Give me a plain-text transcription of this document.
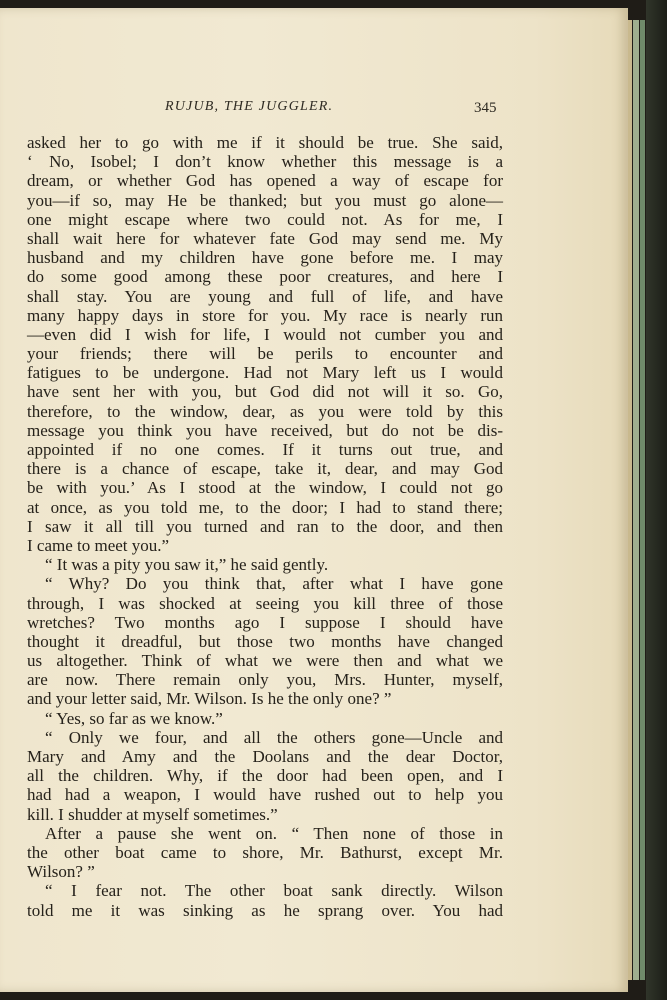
RUJUB, THE JUGGLER.	345
asked her to go with me if it should be true. She said,
‘ No, Isobel; I don’t know whether this message is a
dream, or whether God has opened a way of escape for
you—if so, may He be thanked; but you must go alone—
one might escape where two could not. As for me, I
shall wait here for whatever fate God may send me. My
husband and my children have gone before me. I may
do some good among these poor creatures, and here I
shall stay. You are young and full of life, and have
many happy days in store for you. My race is nearly run
—even did I wish for life, I would not cumber you and
your friends; there will be perils to encounter and
fatigues to be undergone. Had not Mary left us I would
have sent her with you, but God did not will it so. Go,
therefore, to the window, dear, as you were told by this
message you think you have received, but do not be dis-
appointed if no one comes. If it turns out true, and
there is a chance of escape, take it, dear, and may God
be with you.’ As I stood at the window, I could not go
at once, as you told me, to the door; I had to stand there;
I saw it all till you turned and ran to the door, and then
I came to meet you.”
“ It was a pity you saw it,” he said gently.
“ Why? Do you think that, after what I have gone
through, I was shocked at seeing you kill three of those
wretches? Two months ago I suppose I should have
thought it dreadful, but those two months have changed
us altogether. Think of what we were then and what we
are now. There remain only you, Mrs. Hunter, myself,
and your letter said, Mr. Wilson. Is he the only one? ”
“ Yes, so far as we know.”
“ Only we four, and all the others gone—Uncle and
Mary and Amy and the Doolans and the dear Doctor,
all the children. Why, if the door had been open, and I
had had a weapon, I would have rushed out to help you
kill. I shudder at myself sometimes.”
After a pause she went on. “ Then none of those in
the other boat came to shore, Mr. Bathurst, except Mr.
Wilson? ”
“ I fear not. The other boat sank directly. Wilson
told me it was sinking as he sprang over. You had
